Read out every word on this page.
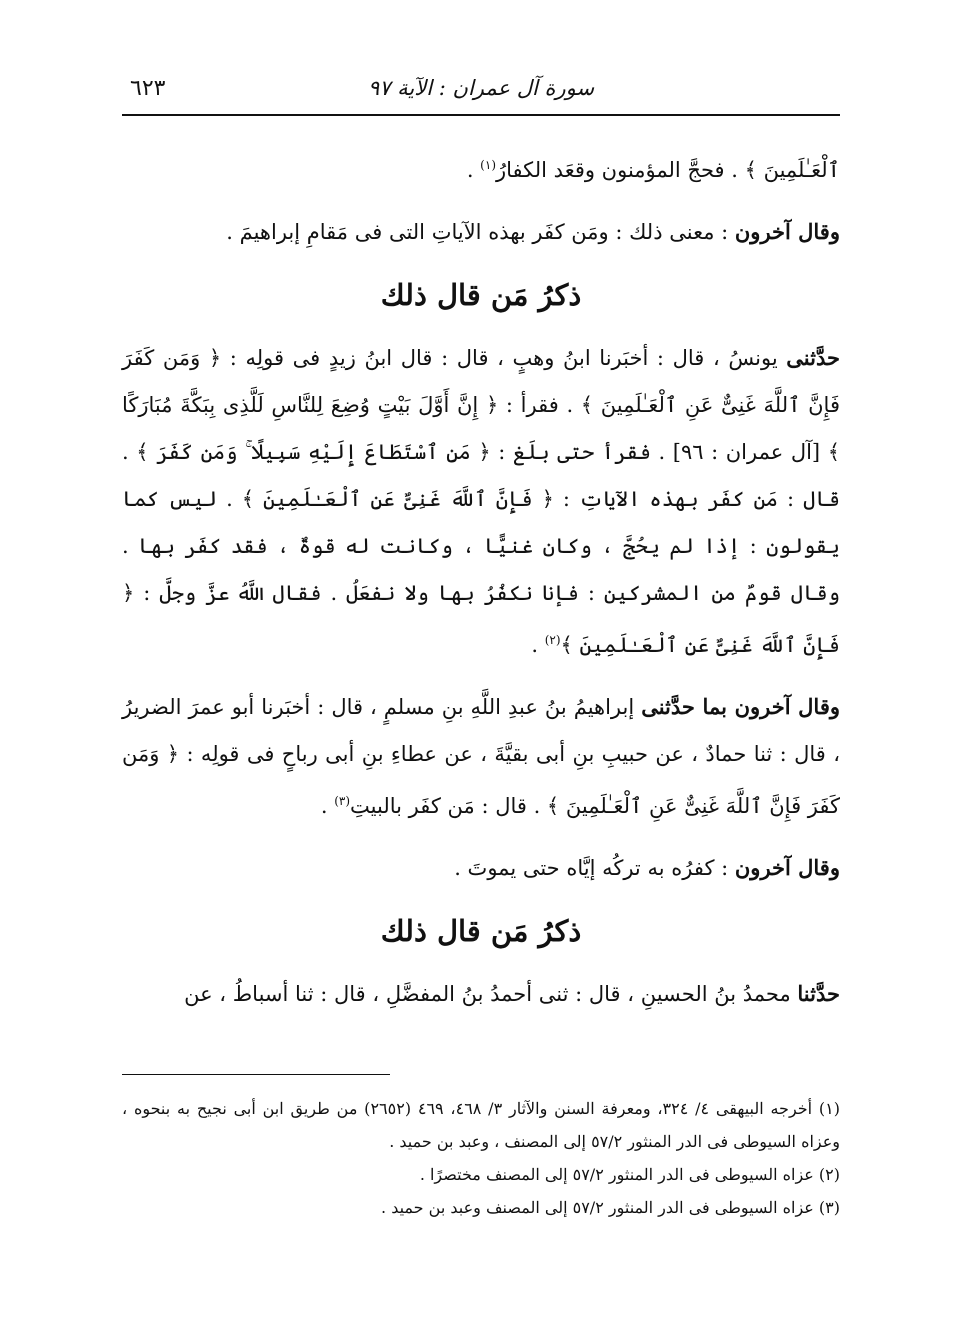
٦٢٣	سورة آل عمران : الآية ٩٧

ٱلْعَـٰلَمِينَ ﴾ . فحجَّ المؤمنون وقعَد الكفارُ$^{(١)}$ .

وقال آخرون : معنى ذلك : ومَن كفَر بهذه الآياتِ التى فى مَقامِ إبراهيمَ .

ذكرُ مَن قال ذلك

حدَّثنى يونسُ ، قال : أخبَرنا ابنُ وهبٍ ، قال : قال ابنُ زيدٍ فى قولِه : ﴿ وَمَن كَفَرَ فَإِنَّ ٱللَّهَ غَنِىٌّ عَنِ ٱلْعَـٰلَمِينَ ﴾ . فقرأ : ﴿ إِنَّ أَوَّلَ بَيْتٍ وُضِعَ لِلنَّاسِ لَلَّذِى بِبَكَّةَ مُبَارَكًا ﴾ [آل عمران : ٩٦] . فقرأ حتى بلَغ : ﴿ مَنِ ٱسْتَطَاعَ إِلَيْهِ سَبِيلًا ۚ وَمَن كَفَرَ ﴾ . قال : مَن كفَر بهذه الآياتِ : ﴿ فَإِنَّ ٱللَّهَ غَنِىٌّ عَنِ ٱلْعَـٰلَمِينَ ﴾ . ليس كما يقولون : إذا لم يحُجَّ ، وكان غنيًّا ، وكانت له قوةٌ ، فقد كفَر بها . وقال قومٌ من المشركين : فإنا نكفُرُ بها ولا نفعَلُ . فقال اللَّهُ عزَّ وجلَّ : ﴿ فَإِنَّ ٱللَّهَ غَنِىٌّ عَنِ ٱلْعَـٰلَمِينَ ﴾$^{(٢)}$ .

وقال آخرون بما حدَّثنى إبراهيمُ بنُ عبدِ اللَّهِ بنِ مسلمٍ ، قال : أخبَرنا أبو عمرَ الضريرُ ، قال : ثنا حمادٌ ، عن حبيبِ بنِ أبى بقيَّةَ ، عن عطاءِ بنِ أبى رباحٍ فى قولِه : ﴿ وَمَن كَفَرَ فَإِنَّ ٱللَّهَ غَنِىٌّ عَنِ ٱلْعَـٰلَمِينَ ﴾ . قال : مَن كفَر بالبيتِ$^{(٣)}$ .

وقال آخرون : كفرُه به تركُه إيَّاه حتى يموتَ .

ذكرُ مَن قال ذلك

حدَّثنا محمدُ بنُ الحسينِ ، قال : ثنى أحمدُ بنُ المفضَّلِ ، قال : ثنا أسباطُ ، عن

(١) أخرجه البيهقى ٤/ ٣٢٤، ومعرفة السنن والآثار ٣/ ٤٦٨، ٤٦٩ (٢٦٥٢) من طريق ابن أبى نجيح به بنحوه ، وعزاه السيوطى فى الدر المنثور ٥٧/٢ إلى المصنف ، وعبد بن حميد .

(٢) عزاه السيوطى فى الدر المنثور ٥٧/٢ إلى المصنف مختصرًا .

(٣) عزاه السيوطى فى الدر المنثور ٥٧/٢ إلى المصنف وعبد بن حميد .
